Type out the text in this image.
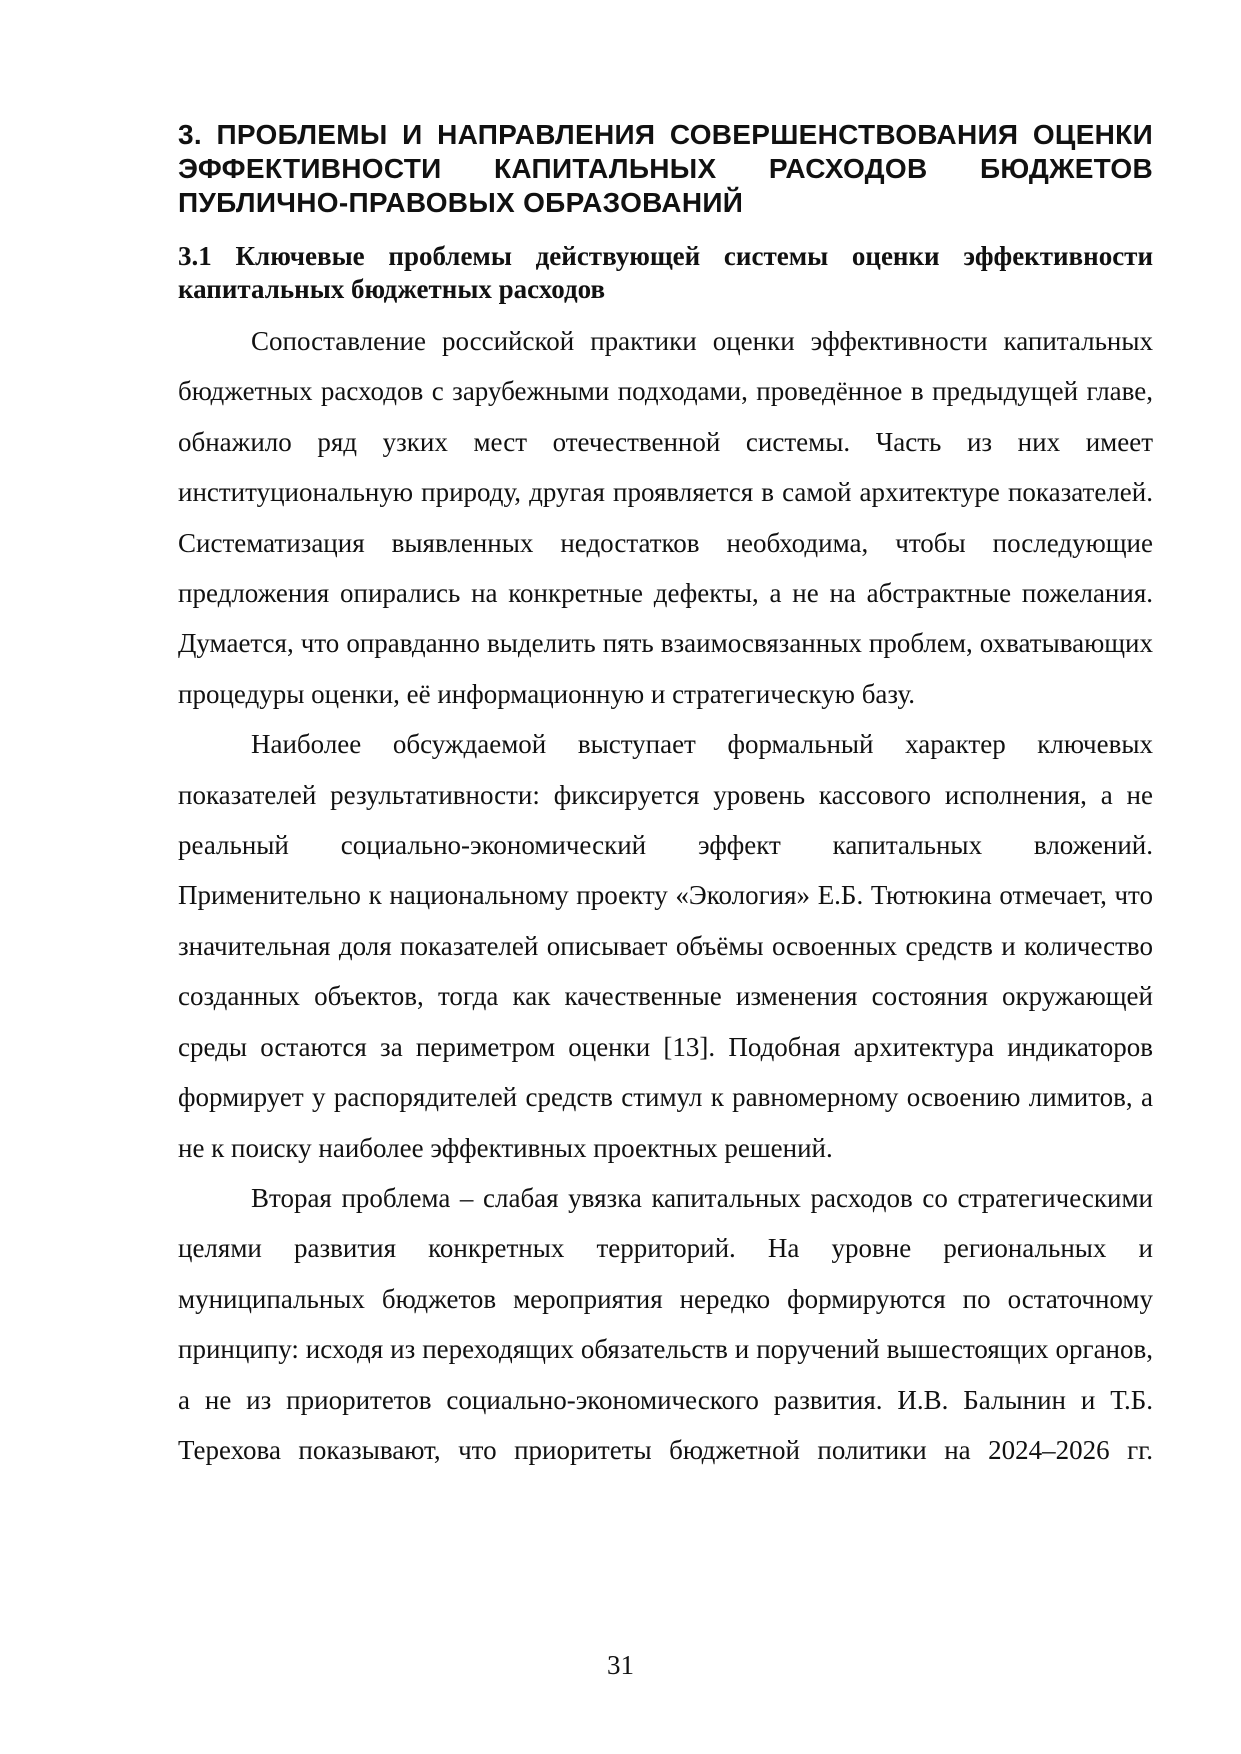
3. ПРОБЛЕМЫ И НАПРАВЛЕНИЯ СОВЕРШЕНСТВОВАНИЯ ОЦЕНКИ ЭФФЕКТИВНОСТИ КАПИТАЛЬНЫХ РАСХОДОВ БЮДЖЕТОВ ПУБЛИЧНО-ПРАВОВЫХ ОБРАЗОВАНИЙ
3.1 Ключевые проблемы действующей системы оценки эффективности капитальных бюджетных расходов

Сопоставление российской практики оценки эффективности капитальных бюджетных расходов с зарубежными подходами, проведённое в предыдущей главе, обнажило ряд узких мест отечественной системы. Часть из них имеет институциональную природу, другая проявляется в самой архитектуре показателей. Систематизация выявленных недостатков необходима, чтобы последующие предложения опирались на конкретные дефекты, а не на абстрактные пожелания. Думается, что оправданно выделить пять взаимосвязанных проблем, охватывающих процедуры оценки, её информационную и стратегическую базу.

Наиболее обсуждаемой выступает формальный характер ключевых показателей результативности: фиксируется уровень кассового исполнения, а не реальный социально-экономический эффект капитальных вложений. Применительно к национальному проекту «Экология» Е.Б. Тютюкина отмечает, что значительная доля показателей описывает объёмы освоенных средств и количество созданных объектов, тогда как качественные изменения состояния окружающей среды остаются за периметром оценки [13]. Подобная архитектура индикаторов формирует у распорядителей средств стимул к равномерному освоению лимитов, а не к поиску наиболее эффективных проектных решений.

Вторая проблема – слабая увязка капитальных расходов со стратегическими целями развития конкретных территорий. На уровне региональных и муниципальных бюджетов мероприятия нередко формируются по остаточному принципу: исходя из переходящих обязательств и поручений вышестоящих органов, а не из приоритетов социально-экономического развития. И.В. Балынин и Т.Б. Терехова показывают, что приоритеты бюджетной политики на 2024–2026 гг.

31
